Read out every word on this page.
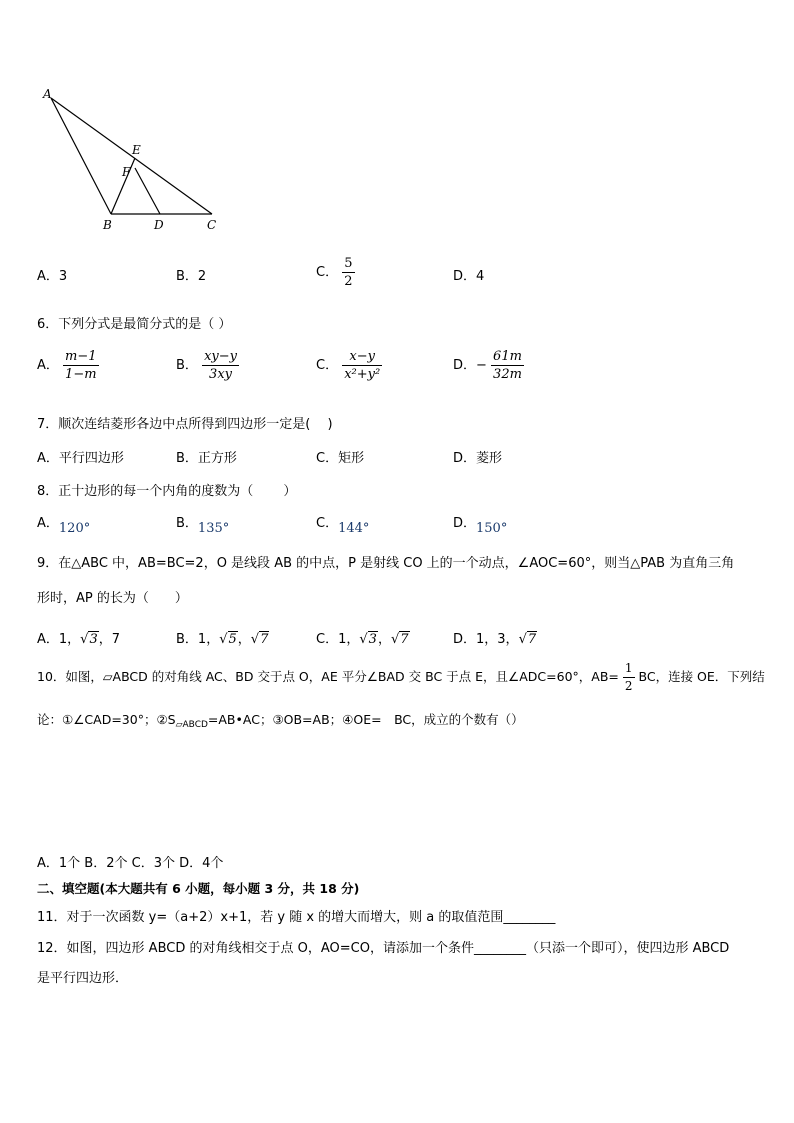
A
E
F
B	D	C
A．3	B．2	C． $\frac{5}{2}$	D．4
6．下列分式是最简分式的是（ ）
A． $\frac{m-1}{1-m}$	B． $\frac{xy-y}{3xy}$	C． $\frac{x-y}{\text{x²+y²}}$	D．− $\frac{61m}{32m}$
7．顺次连结菱形各边中点所得到四边形一定是(　 )
A．平行四边形	B．正方形	C．矩形	D．菱形
8．正十边形的每一个内角的度数为（　　 ）
A．120°	B．135°	C．144°	D．150°
9．在△ABC 中，AB=BC=2，O 是线段 AB 的中点，P 是射线 CO 上的一个动点，∠AOC=60°，则当△PAB 为直角三角
形时，AP 的长为（　　）
A．1，√3，7	B．1，√5，√7	C．1，√3，√7	D．1，3，√7
10．如图，▱ABCD 的对角线 AC、BD 交于点 O，AE 平分∠BAD 交 BC 于点 E，且∠ADC=60°，$AB= \frac{1}{2}$ BC，连接 OE．下列结
论：①∠CAD=30°；$②S_{▱ABCD}=AB•AC$；③OB=AB；④OE=　BC，成立的个数有（）
A．1个 B．2个 C．3个 D．4个
二、填空题(本大题共有 6 小题，每小题 3 分，共 18 分)
11．对于一次函数 y=（a+2）x+1，若 y 随 x 的增大而增大，则 a 的取值范围________
12．如图，四边形 ABCD 的对角线相交于点 O，AO=CO，请添加一个条件________（只添一个即可），使四边形 ABCD
是平行四边形．
